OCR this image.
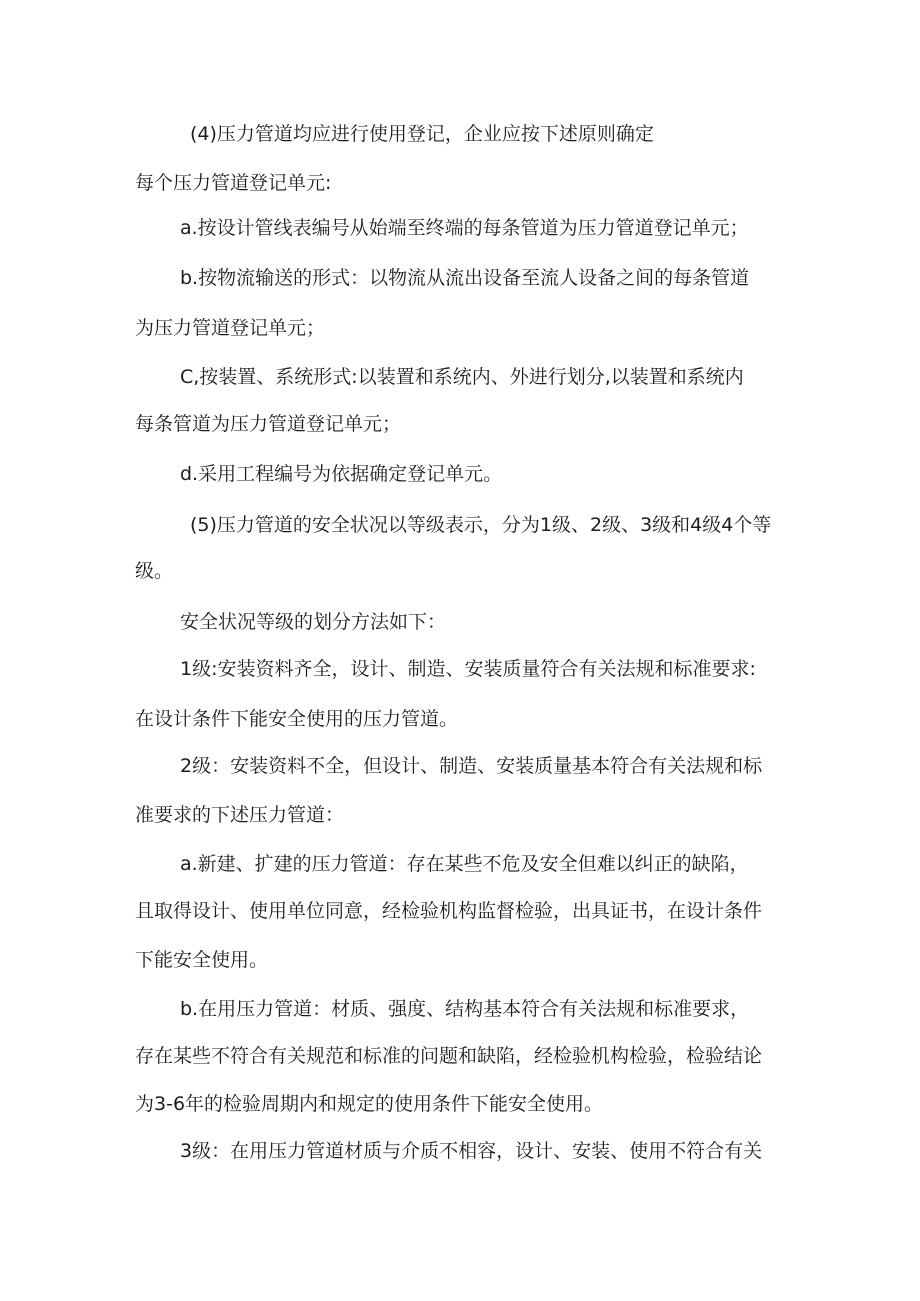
(4)压力管道均应进行使用登记，企业应按下述原则确定
每个压力管道登记单元:
a.按设计管线表编号从始端至终端的每条管道为压力管道登记单元；
b.按物流输送的形式：以物流从流出设备至流人设备之间的每条管道
为压力管道登记单元；
C,按装置、系统形式:以装置和系统内、外进行划分,以装置和系统内
每条管道为压力管道登记单元；
d.采用工程编号为依据确定登记单元。
(5)压力管道的安全状况以等级表示，分为1级、2级、3级和4级4个等
级。
安全状况等级的划分方法如下：
1级:安装资料齐全，设计、制造、安装质量符合有关法规和标准要求:
在设计条件下能安全使用的压力管道。
2级：安装资料不全，但设计、制造、安装质量基本符合有关法规和标
准要求的下述压力管道：
a.新建、扩建的压力管道：存在某些不危及安全但难以纠正的缺陷，
且取得设计、使用单位同意，经检验机构监督检验，出具证书，在设计条件
下能安全使用。
b.在用压力管道：材质、强度、结构基本符合有关法规和标准要求，
存在某些不符合有关规范和标准的问题和缺陷，经检验机构检验，检验结论
为3-6年的检验周期内和规定的使用条件下能安全使用。
3级：在用压力管道材质与介质不相容，设计、安装、使用不符合有关
